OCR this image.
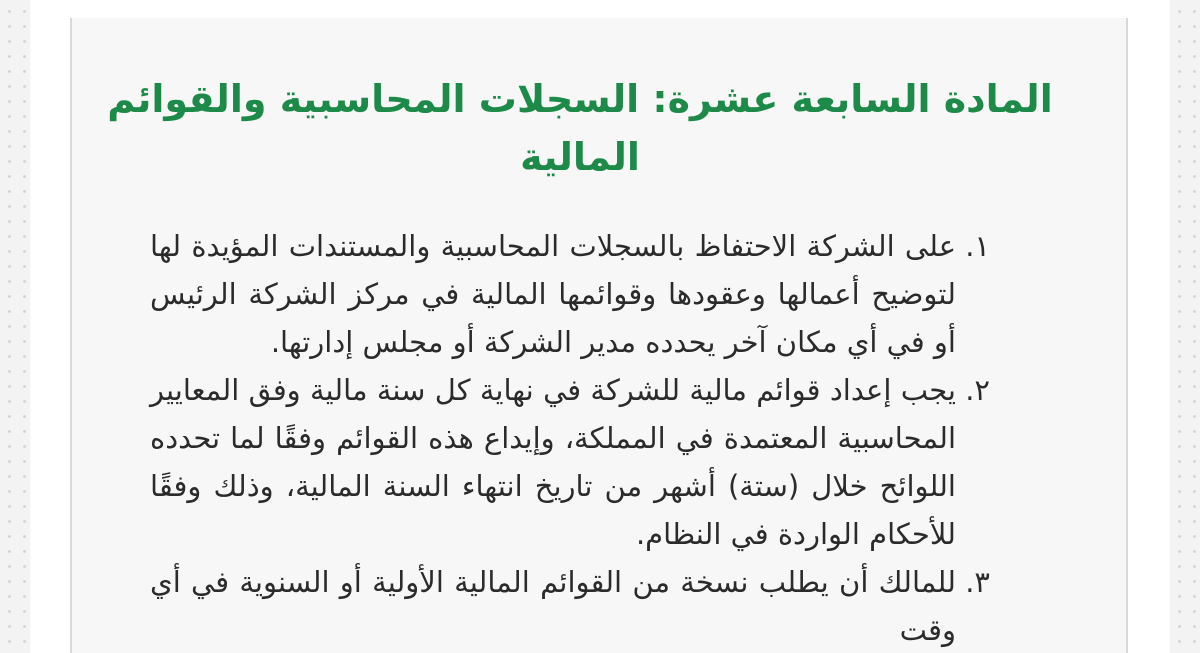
المادة السابعة عشرة: السجلات المحاسبية والقوائم المالية
١.
على الشركة الاحتفاظ بالسجلات المحاسبية والمستندات المؤيدة لها لتوضيح أعمالها وعقودها وقوائمها المالية في مركز الشركة الرئيس أو في أي مكان آخر يحدده مدير الشركة أو مجلس إدارتها.
٢.
يجب إعداد قوائم مالية للشركة في نهاية كل سنة مالية وفق المعايير المحاسبية المعتمدة في المملكة، وإيداع هذه القوائم وفقًا لما تحدده اللوائح خلال (ستة) أشهر من تاريخ انتهاء السنة المالية، وذلك وفقًا للأحكام الواردة في النظام.
٣.
للمالك أن يطلب نسخة من القوائم المالية الأولية أو السنوية في أي وقت
